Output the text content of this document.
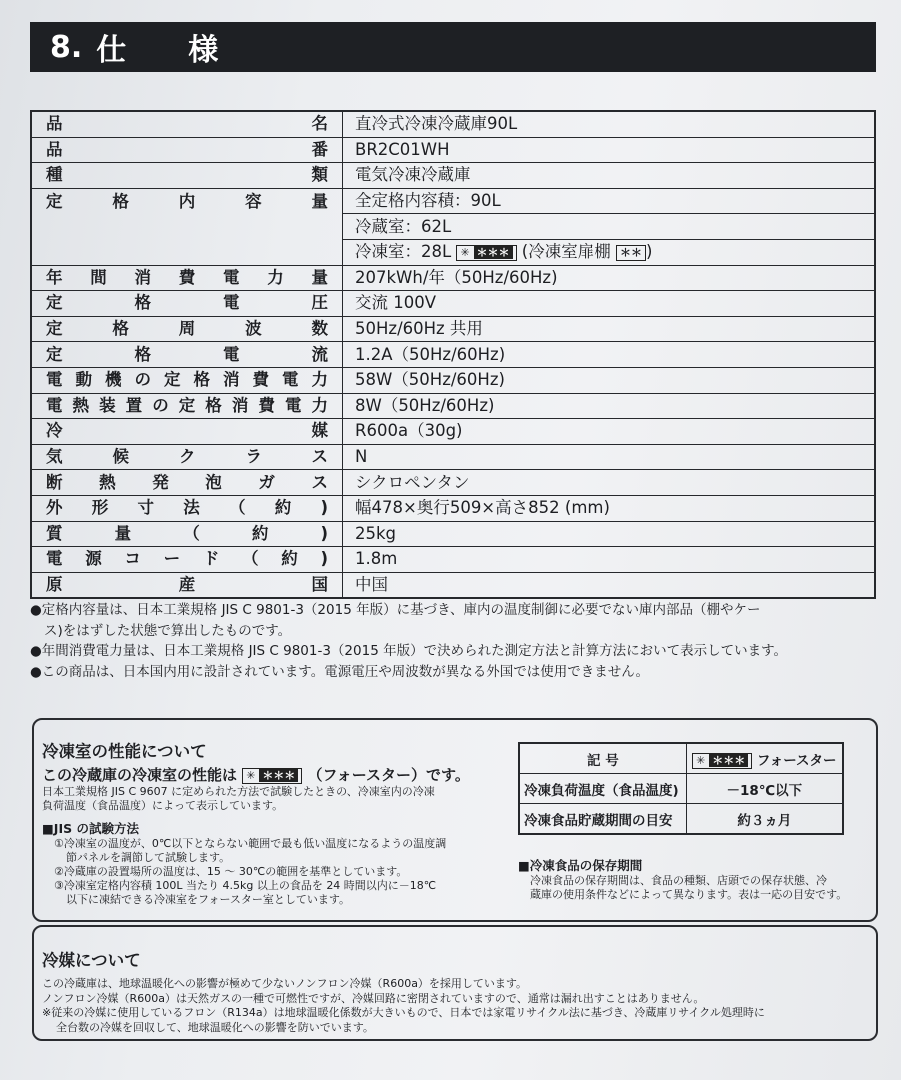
8. 仕 様
品名	直冷式冷凍冷蔵庫90L
品番	BR2C01WH
種類	電気冷凍冷蔵庫
定格内容量	全定格内容積：90L
	冷蔵室：62L
	冷凍室：28L ✳ ＊＊＊ (冷凍室扉棚 ＊＊ )
年間消費電力量	207kWh/年（50Hz/60Hz)
定格電圧	交流 100V
定格周波数	50Hz/60Hz 共用
定格電流	1.2A（50Hz/60Hz)
電動機の定格消費電力	58W（50Hz/60Hz)
電熱装置の定格消費電力	8W（50Hz/60Hz)
冷媒	R600a（30g)
気候クラス	N
断熱発泡ガス	シクロペンタン
外形寸法（約)	幅478×奥行509×高さ852 (mm)
質量（約)	25kg
電源コード（約)	1.8m
原産国	中国

●定格内容量は、日本工業規格 JIS C 9801-3（2015 年版）に基づき、庫内の温度制御に必要でない庫内部品（棚やケー

ス)をはずした状態で算出したものです。

●年間消費電力量は、日本工業規格 JIS C 9801-3（2015 年版）で決められた測定方法と計算方法において表示しています。

●この商品は、日本国内用に設計されています。電源電圧や周波数が異なる外国では使用できません。

冷凍室の性能について
この冷蔵庫の冷凍室の性能は ✳ ＊＊＊ （フォースター）です。
日本工業規格 JIS C 9607 に定められた方法で試験したときの、冷凍室内の冷凍
負荷温度（食品温度）によって表示しています。
■JIS の試験方法
①冷凍室の温度が、0℃以下とならない範囲で最も低い温度になるようの温度調
節パネルを調節して試験します。
②冷蔵庫の設置場所の温度は、15 ～ 30℃の範囲を基準としています。
③冷凍室定格内容積 100L 当たり 4.5kg 以上の食品を 24 時間以内に－18℃
以下に凍結できる冷凍室をフォースター室としています。
記 号	✳ ＊＊＊ フォースター
冷凍負荷温度（食品温度)	－18℃以下
冷凍食品貯蔵期間の目安	約３ヵ月
■冷凍食品の保存期間
冷凍食品の保存期間は、食品の種類、店頭での保存状態、冷
蔵庫の使用条件などによって異なります。表は一応の目安です。
冷媒について
この冷蔵庫は、地球温暖化への影響が極めて少ないノンフロン冷媒（R600a）を採用しています。
ノンフロン冷媒（R600a）は天然ガスの一種で可燃性ですが、冷媒回路に密閉されていますので、通常は漏れ出すことはありません。
※従来の冷媒に使用しているフロン（R134a）は地球温暖化係数が大きいもので、日本では家電リサイクル法に基づき、冷蔵庫リサイクル処理時に
全台数の冷媒を回収して、地球温暖化への影響を防いでいます。
